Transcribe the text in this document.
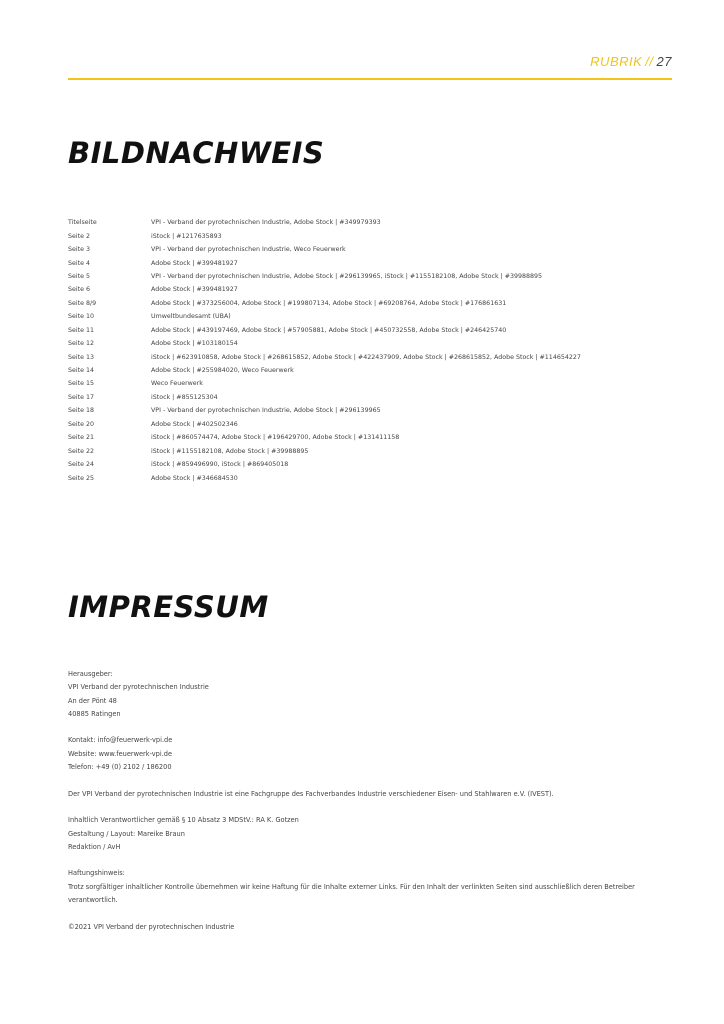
RUBRIK // 27
BILDNACHWEIS
Titelseite	VPI - Verband der pyrotechnischen Industrie, Adobe Stock | #349979393
Seite 2	iStock | #1217635893
Seite 3	VPI - Verband der pyrotechnischen Industrie, Weco Feuerwerk
Seite 4	Adobe Stock | #399481927
Seite 5	VPI - Verband der pyrotechnischen Industrie, Adobe Stock | #296139965, iStock | #1155182108, Adobe Stock | #39988895
Seite 6	Adobe Stock | #399481927
Seite 8/9	Adobe Stock | #373256004, Adobe Stock | #199807134, Adobe Stock | #69208764, Adobe Stock | #176861631
Seite 10	Umweltbundesamt (UBA)
Seite 11	Adobe Stock | #439197469, Adobe Stock | #57905881, Adobe Stock | #450732558, Adobe Stock | #246425740
Seite 12	Adobe Stock | #103180154
Seite 13	iStock | #623910858, Adobe Stock | #268615852, Adobe Stock | #422437909, Adobe Stock | #268615852, Adobe Stock | #114654227
Seite 14	Adobe Stock | #255984020, Weco Feuerwerk
Seite 15	Weco Feuerwerk
Seite 17	iStock | #855125304
Seite 18	VPI - Verband der pyrotechnischen Industrie, Adobe Stock | #296139965
Seite 20	Adobe Stock | #402502346
Seite 21	iStock | #860574474, Adobe Stock | #196429700, Adobe Stock | #131411158
Seite 22	iStock | #1155182108, Adobe Stock | #39988895
Seite 24	iStock | #859496990, iStock | #869405018
Seite 25	Adobe Stock | #346684530
IMPRESSUM
Herausgeber:
VPI Verband der pyrotechnischen Industrie
An der Pönt 48
40885 Ratingen
Kontakt: info@feuerwerk-vpi.de
Website: www.feuerwerk-vpi.de
Telefon: +49 (0) 2102 / 186200
Der VPI Verband der pyrotechnischen Industrie ist eine Fachgruppe des Fachverbandes Industrie verschiedener Eisen- und Stahlwaren e.V. (IVEST).
Inhaltlich Verantwortlicher gemäß § 10 Absatz 3 MDStV.: RA K. Gotzen
Gestaltung / Layout: Mareike Braun
Redaktion / AvH
Haftungshinweis:
Trotz sorgfältiger inhaltlicher Kontrolle übernehmen wir keine Haftung für die Inhalte externer Links. Für den Inhalt der verlinkten Seiten sind ausschließlich deren Betreiber verantwortlich.
©2021 VPI Verband der pyrotechnischen Industrie
